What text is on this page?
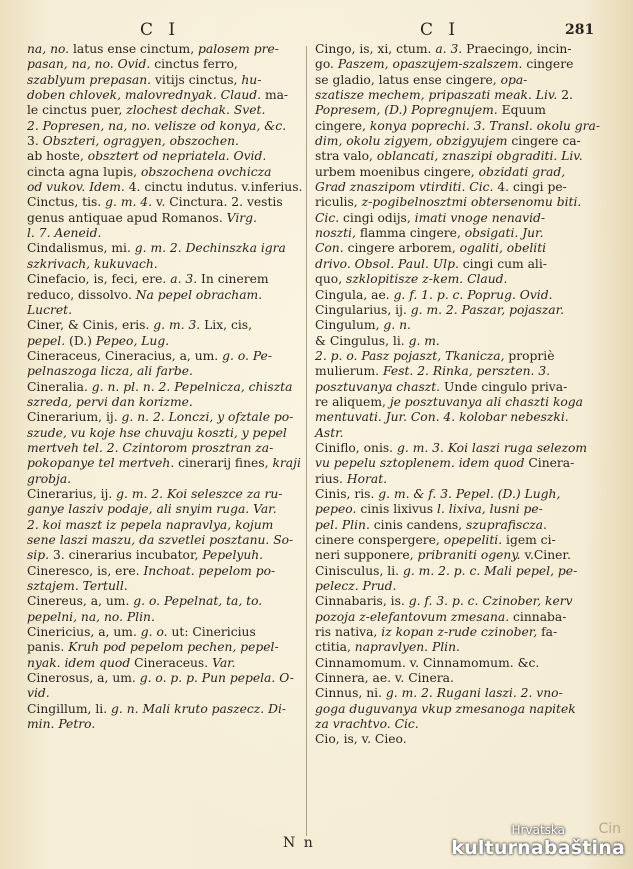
C I	C I	281
na, no. latus ense cinctum, palosem pre-
pasan, na, no. Ovid. cinctus ferro,
szablyum prepasan. vitijs cinctus, hu-
doben chlovek, malovrednyak. Claud. ma-
le cinctus puer, zlochest dechak. Svet.
2. Popresen, na, no. velisze od konya, &c.
3. Obszteri, ogragyen, obszochen.
ab hoste, obsztert od nepriatela. Ovid.
cincta agna lupis, obszochena ovchicza
od vukov. Idem. 4. cinctu indutus. v.inferius.
Cinctus, tis. g. m. 4. v. Cinctura. 2. vestis
genus antiquae apud Romanos. Virg.
l. 7. Aeneid.
Cindalismus, mi. g. m. 2. Dechinszka igra
szkrivach, kukuvach.
Cinefacio, is, feci, ere. a. 3. In cinerem
reduco, dissolvo. Na pepel obracham.
Lucret.
Ciner, & Cinis, eris. g. m. 3. Lix, cis,
pepel. (D.) Pepeo, Lug.
Cineraceus, Cineracius, a, um. g. o. Pe-
pelnaszoga licza, ali farbe.
Cineralia. g. n. pl. n. 2. Pepelnicza, chiszta
szreda, pervi dan korizme.
Cinerarium, ij. g. n. 2. Lonczi, y ofztale po-
szude, vu koje hse chuvaju koszti, y pepel
mertveh tel. 2. Czintorom prosztran za-
pokopanye tel mertveh. cinerarij fines, kraji
grobja.
Cinerarius, ij. g. m. 2. Koi seleszce za ru-
ganye lasziv podaje, ali snyim ruga. Var.
2. koi maszt iz pepela napravlya, kojum
sene laszi maszu, da szvetlei posztanu. So-
sip. 3. cinerarius incubator, Pepelyuh.
Cineresco, is, ere. Inchoat. pepelom po-
sztajem. Tertull.
Cinereus, a, um. g. o. Pepelnat, ta, to.
pepelni, na, no. Plin.
Cinericius, a, um. g. o. ut: Cinericius
panis. Kruh pod pepelom pechen, pepel-
nyak. idem quod Cineraceus. Var.
Cinerosus, a, um. g. o. p. p. Pun pepela. O-
vid.
Cingillum, li. g. n. Mali kruto paszecz. Di-
min. Petro.
Cingo, is, xi, ctum. a. 3. Praecingo, incin-
go. Paszem, opaszujem-szalszem. cingere
se gladio, latus ense cingere, opa-
szatisze mechem, pripaszati meak. Liv. 2.
Popresem, (D.) Popregnujem. Equum
cingere, konya poprechi. 3. Transl. okolu gra-
dim, okolu zigyem, obzigyujem cingere ca-
stra valo, oblancati, znaszipi obgraditi. Liv.
urbem moenibus cingere, obzidati grad,
Grad znaszipom vtirditi. Cic. 4. cingi pe-
riculis, z-pogibelnosztmi obtersenomu biti.
Cic. cingi odijs, imati vnoge nenavid-
noszti, flamma cingere, obsigati. Jur.
Con. cingere arborem, ogaliti, obeliti
drivo. Obsol. Paul. Ulp. cingi cum ali-
quo, szklopitisze z-kem. Claud.
Cingula, ae. g. f. 1. p. c. Poprug. Ovid.
Cingularius, ij. g. m. 2. Paszar, pojaszar.
Cingulum, g. n.
& Cingulus, li. g. m.
2. p. o. Pasz pojaszt, Tkanicza, propriè
mulierum. Fest. 2. Rinka, perszten. 3.
posztuvanya chaszt. Unde cingulo priva-
re aliquem, je posztuvanya ali chaszti koga
mentuvati. Jur. Con. 4. kolobar nebeszki.
Astr.
Ciniflo, onis. g. m. 3. Koi laszi ruga selezom
vu pepelu sztoplenem. idem quod Cinera-
rius. Horat.
Cinis, ris. g. m. & f. 3. Pepel. (D.) Lugh,
pepeo. cinis lixivus l. lixiva, lusni pe-
pel. Plin. cinis candens, szuprafiscza.
cinere conspergere, opepeliti. igem ci-
neri supponere, pribraniti ogeny. v.Ciner.
Cinisculus, li. g. m. 2. p. c. Mali pepel, pe-
pelecz. Prud.
Cinnabaris, is. g. f. 3. p. c. Czinober, kerv
pozoja z-elefantovum zmesana. cinnaba-
ris nativa, iz kopan z-rude czinober, fa-
ctitia, napravlyen. Plin.
Cinnamomum. v. Cinnamomum. &c.
Cinnera, ae. v. Cinera.
Cinnus, ni. g. m. 2. Rugani laszi. 2. vno-
goga duguvanya vkup zmesanoga napitek
za vrachtvo. Cic.
Cio, is, v. Cieo.
N n
Cin
Hrvatska
kulturnabaština
